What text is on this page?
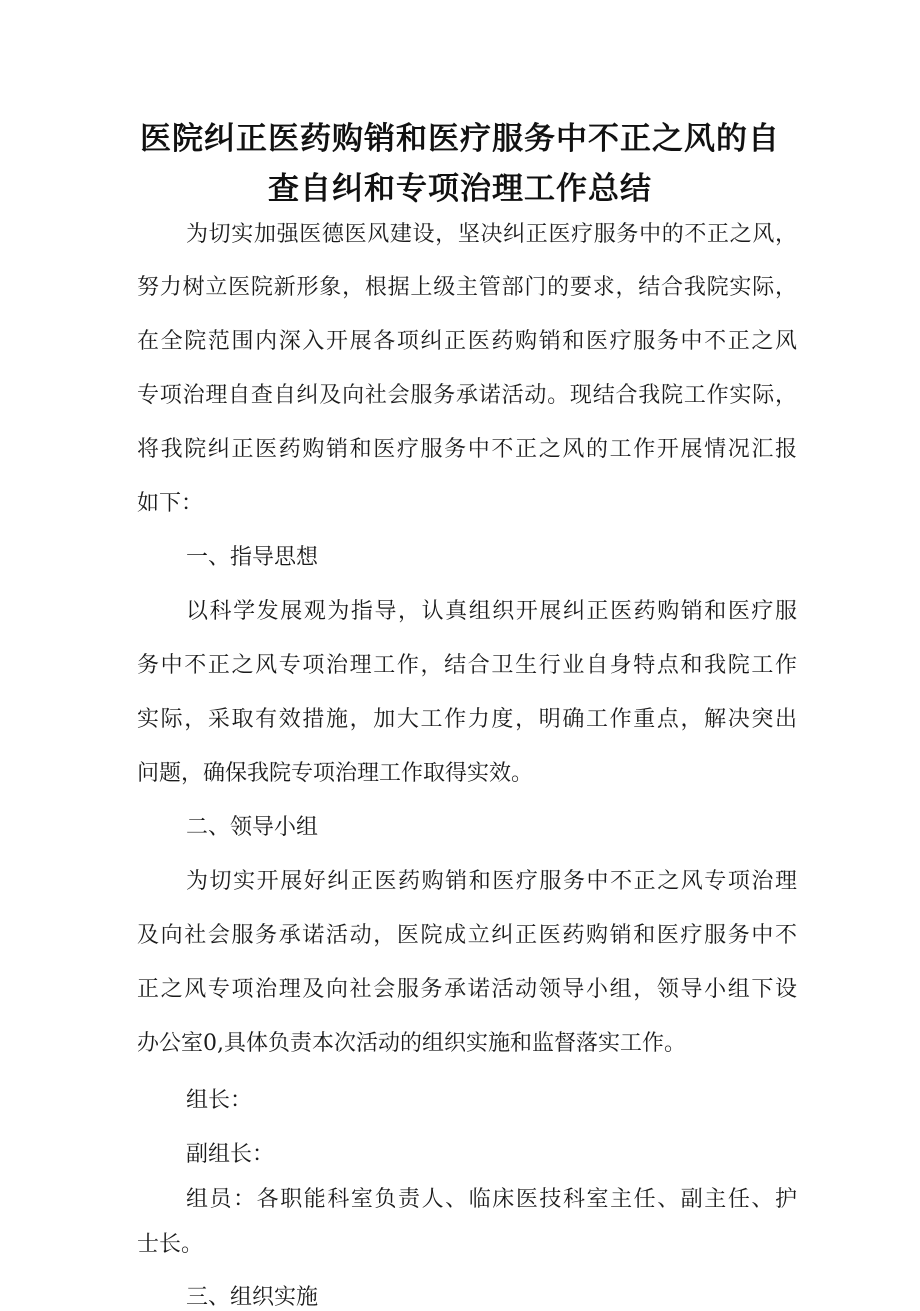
医院纠正医药购销和医疗服务中不正之风的自
查自纠和专项治理工作总结
为切实加强医德医风建设，坚决纠正医疗服务中的不正之风，
努力树立医院新形象，根据上级主管部门的要求，结合我院实际，
在全院范围内深入开展各项纠正医药购销和医疗服务中不正之风
专项治理自查自纠及向社会服务承诺活动。现结合我院工作实际，
将我院纠正医药购销和医疗服务中不正之风的工作开展情况汇报
如下：
一、指导思想
以科学发展观为指导，认真组织开展纠正医药购销和医疗服
务中不正之风专项治理工作，结合卫生行业自身特点和我院工作
实际，采取有效措施，加大工作力度，明确工作重点，解决突出
问题，确保我院专项治理工作取得实效。
二、领导小组
为切实开展好纠正医药购销和医疗服务中不正之风专项治理
及向社会服务承诺活动，医院成立纠正医药购销和医疗服务中不
正之风专项治理及向社会服务承诺活动领导小组，领导小组下设
办公室0,具体负责本次活动的组织实施和监督落实工作。
组长：
副组长：
组员：各职能科室负责人、临床医技科室主任、副主任、护
士长。
三、组织实施
